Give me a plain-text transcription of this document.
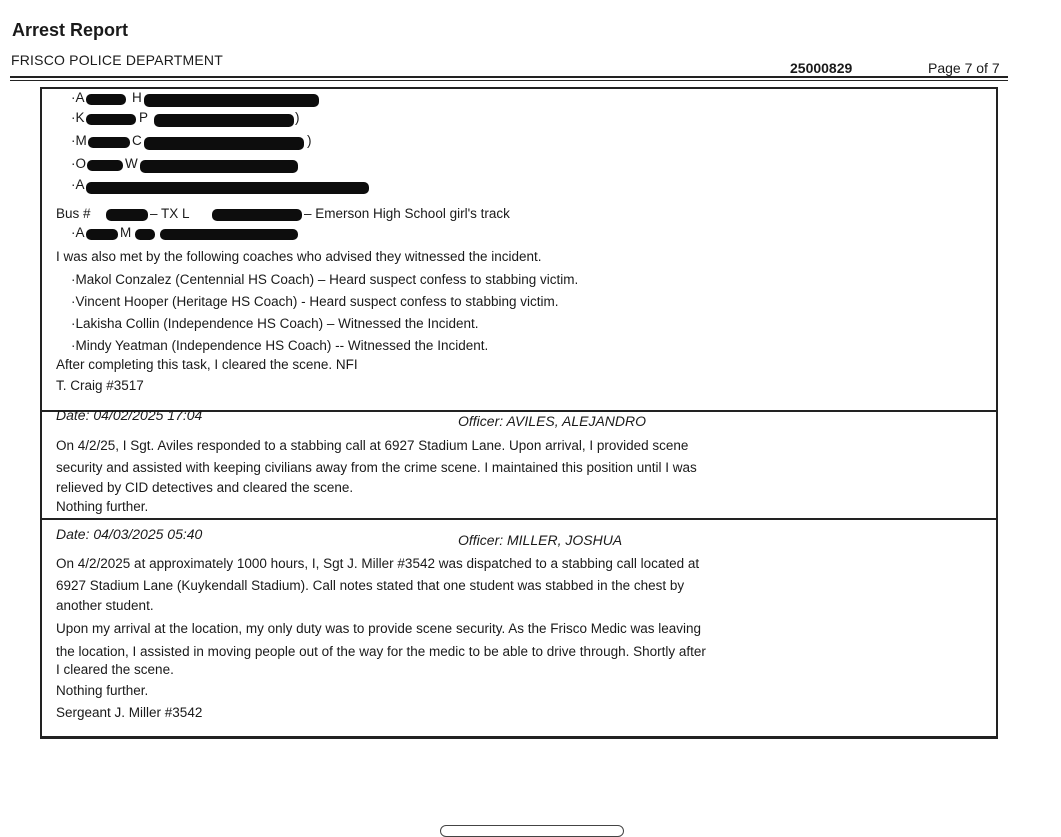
Arrest Report
FRISCO POLICE DEPARTMENT	25000829	Page 7 of 7
·A	H
·K	P	)
·M	C	)
·O	W
·A
Bus #	– TX L	– Emerson High School girl's track
·A	M
I was also met by the following coaches who advised they witnessed the incident.
·Makol Conzalez (Centennial HS Coach) – Heard suspect confess to stabbing victim.
·Vincent Hooper (Heritage HS Coach) - Heard suspect confess to stabbing victim.
·Lakisha Collin (Independence HS Coach) – Witnessed the Incident.
·Mindy Yeatman (Independence HS Coach) -- Witnessed the Incident.
After completing this task, I cleared the scene. NFI
T. Craig #3517
Date: 04/02/2025 17:04	Officer: AVILES, ALEJANDRO
On 4/2/25, I Sgt. Aviles responded to a stabbing call at 6927 Stadium Lane. Upon arrival, I provided scene
security and assisted with keeping civilians away from the crime scene. I maintained this position until I was
relieved by CID detectives and cleared the scene.
Nothing further.
Date: 04/03/2025 05:40	Officer: MILLER, JOSHUA
On 4/2/2025 at approximately 1000 hours, I, Sgt J. Miller #3542 was dispatched to a stabbing call located at
6927 Stadium Lane (Kuykendall Stadium). Call notes stated that one student was stabbed in the chest by
another student.
Upon my arrival at the location, my only duty was to provide scene security. As the Frisco Medic was leaving
the location, I assisted in moving people out of the way for the medic to be able to drive through. Shortly after
I cleared the scene.
Nothing further.
Sergeant J. Miller #3542
